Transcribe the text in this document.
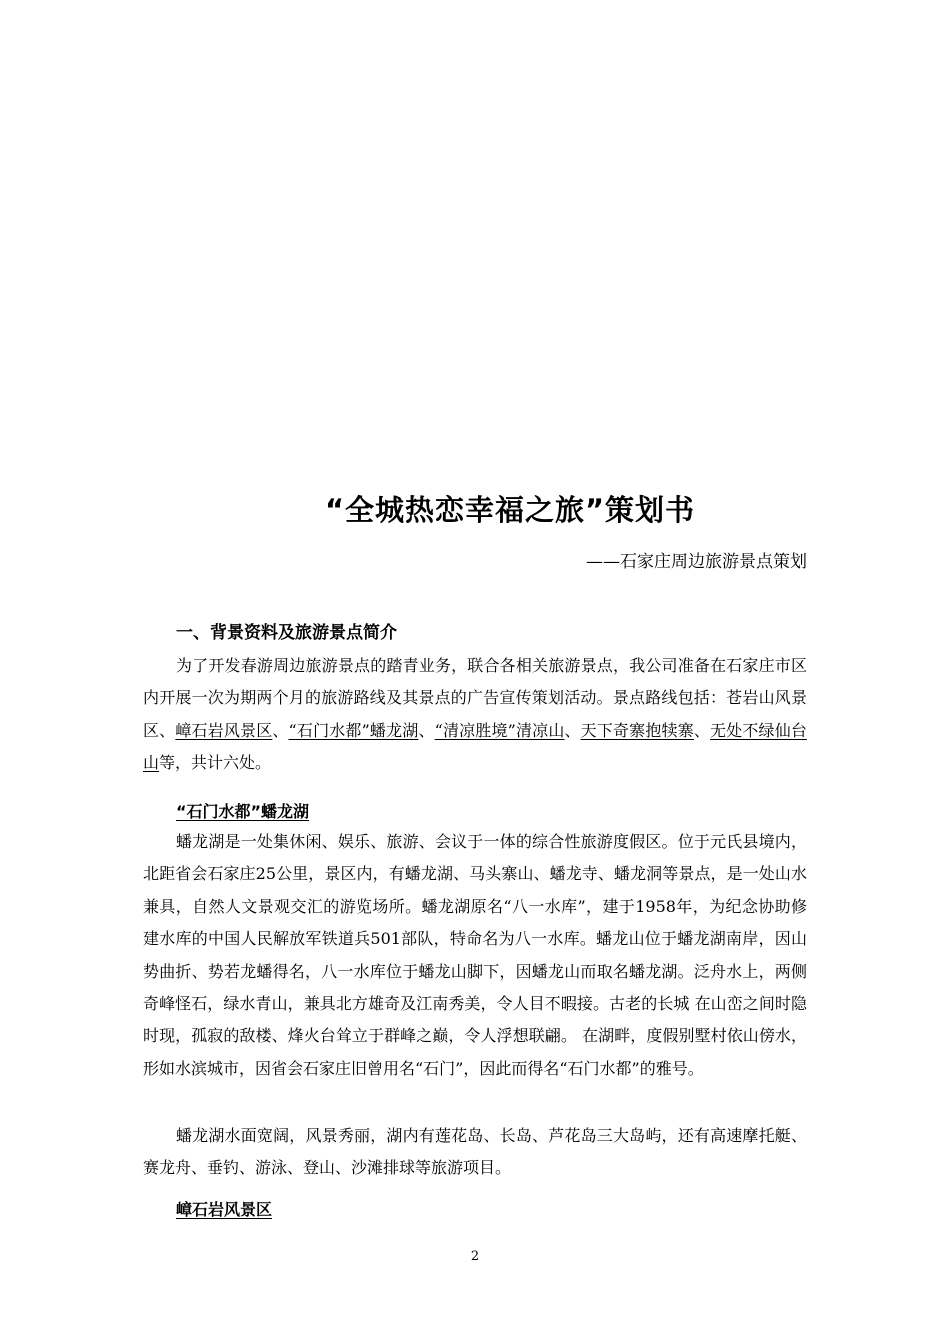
“全城热恋幸福之旅”策划书
——石家庄周边旅游景点策划
一、背景资料及旅游景点简介
为了开发春游周边旅游景点的踏青业务，联合各相关旅游景点，我公司准备在石家庄市区内开展一次为期两个月的旅游路线及其景点的广告宣传策划活动。景点路线包括：苍岩山风景区、嶂石岩风景区、“石门水都”蟠龙湖、“清凉胜境”清凉山、天下奇寨抱犊寨、无处不绿仙台山等，共计六处。
“石门水都”蟠龙湖
蟠龙湖是一处集休闲、娱乐、旅游、会议于一体的综合性旅游度假区。位于元氏县境内，北距省会石家庄25公里，景区内，有蟠龙湖、马头寨山、蟠龙寺、蟠龙洞等景点，是一处山水兼具，自然人文景观交汇的游览场所。蟠龙湖原名“八一水库”，建于1958年，为纪念协助修建水库的中国人民解放军铁道兵501部队，特命名为八一水库。蟠龙山位于蟠龙湖南岸，因山势曲折、势若龙蟠得名，八一水库位于蟠龙山脚下，因蟠龙山而取名蟠龙湖。泛舟水上，两侧奇峰怪石，绿水青山，兼具北方雄奇及江南秀美，令人目不暇接。古老的长城 在山峦之间时隐时现，孤寂的敌楼、烽火台耸立于群峰之巅，令人浮想联翩。 在湖畔，度假别墅村依山傍水，形如水滨城市，因省会石家庄旧曾用名“石门”，因此而得名“石门水都”的雅号。
蟠龙湖水面宽阔，风景秀丽，湖内有莲花岛、长岛、芦花岛三大岛屿，还有高速摩托艇、赛龙舟、垂钓、游泳、登山、沙滩排球等旅游项目。
嶂石岩风景区
2
